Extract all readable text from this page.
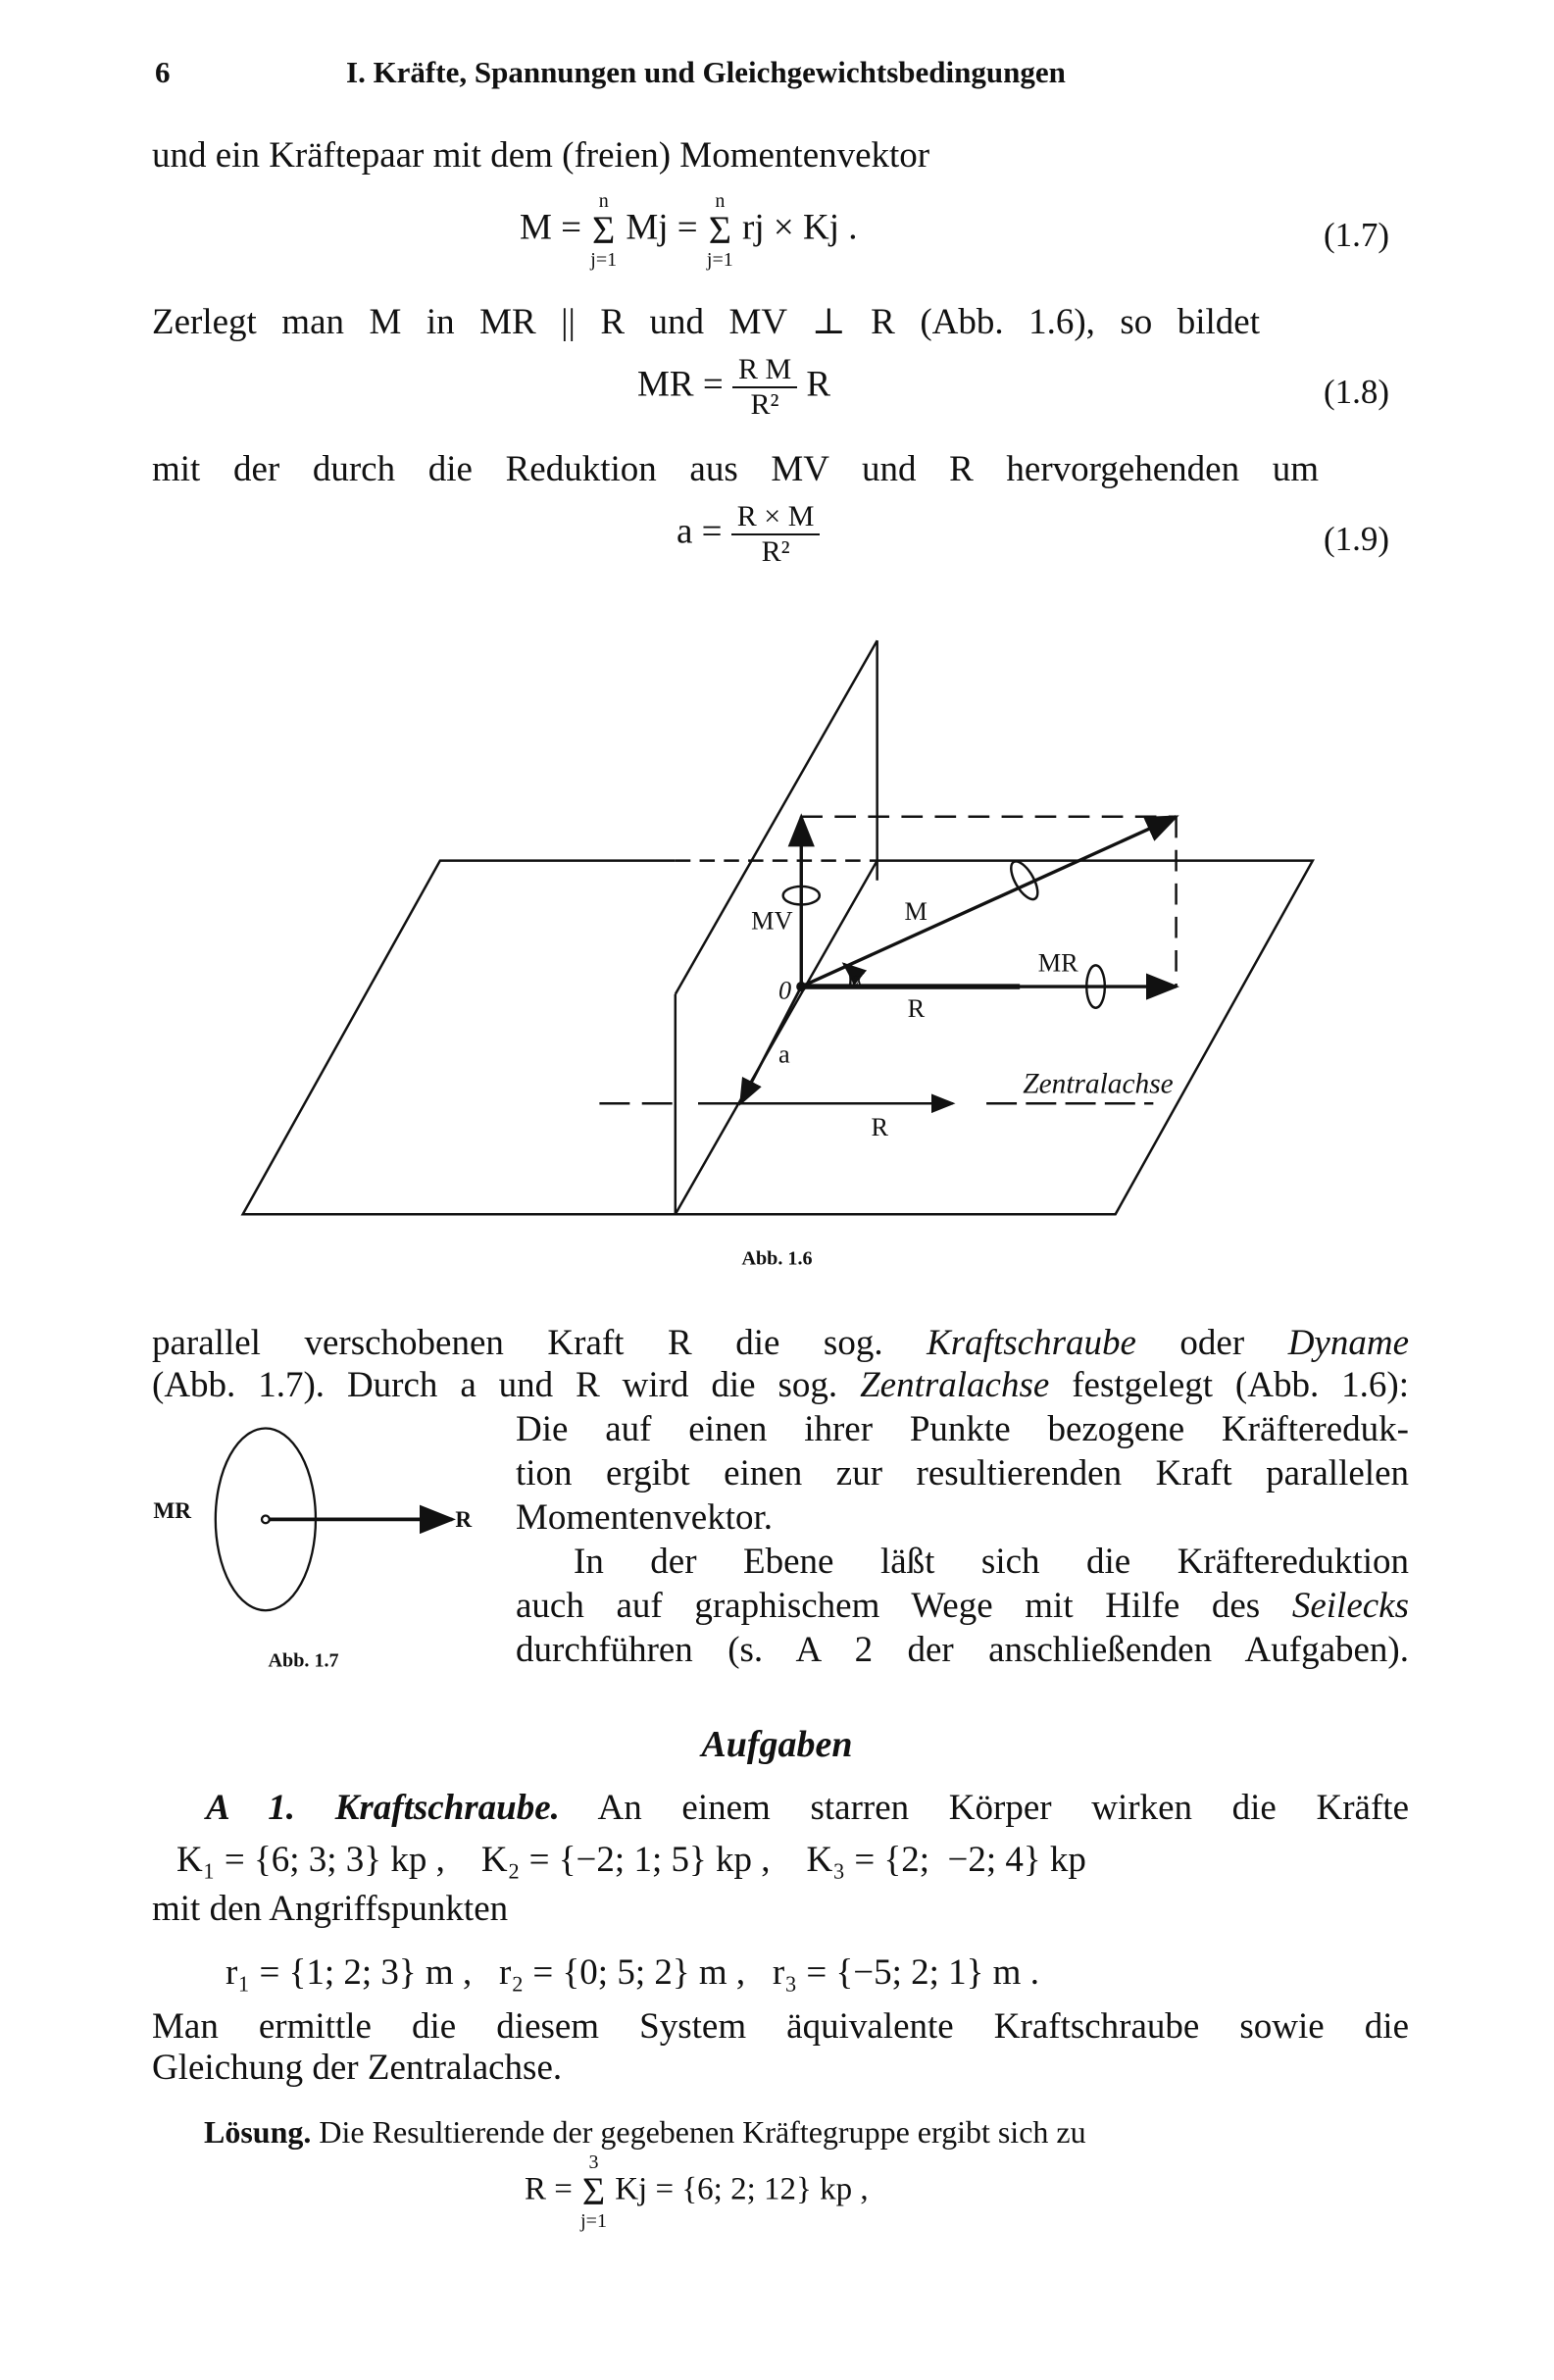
6	I. Kräfte, Spannungen und Gleichgewichtsbedingungen
und ein Kräftepaar mit dem (freien) Momentenvektor
M = n
Σ
j=1 Mj = n
Σ
j=1 rj × Kj .	(1.7)
Zerlegt man M in MR || R und MV ⊥ R (Abb. 1.6), so bildet
MR = $\frac{\text{R M}}{\text{R²}}$ R	(1.8)
mit der durch die Reduktion aus MV und R hervorgehenden um
$a = \frac{R \times M}{\text{R²}}$	(1.9)
MV	M
MR
R
0
a
α
R
Zentralachse
Abb. 1.6
MR	R
Abb. 1.7
parallel verschobenen Kraft R die sog. Kraftschraube oder Dyname
(Abb. 1.7). Durch a und R wird die sog. Zentralachse festgelegt (Abb. 1.6):
Die auf einen ihrer Punkte bezogene Kräftereduk-
tion ergibt einen zur resultierenden Kraft parallelen
Momentenvektor.
In der Ebene läßt sich die Kräftereduktion
auch auf graphischem Wege mit Hilfe des Seilecks
durchführen (s. A 2 der anschließenden Aufgaben).
Aufgaben
A 1. Kraftschraube. An einem starren Körper wirken die Kräfte
K₁ = {6; 3; 3} kp ,    K₂ = {−2; 1; 5} kp ,    K₃ = {2;  −2; 4} kp
mit den Angriffspunkten
r₁ = {1; 2; 3} m ,   r₂ = {0; 5; 2} m ,   r₃ = {−5; 2; 1} m .
Man ermittle die diesem System äquivalente Kraftschraube sowie die
Gleichung der Zentralachse.
Lösung. Die Resultierende der gegebenen Kräftegruppe ergibt sich zu
R = 3
Σ
j=1 Kj = {6; 2; 12} kp ,
